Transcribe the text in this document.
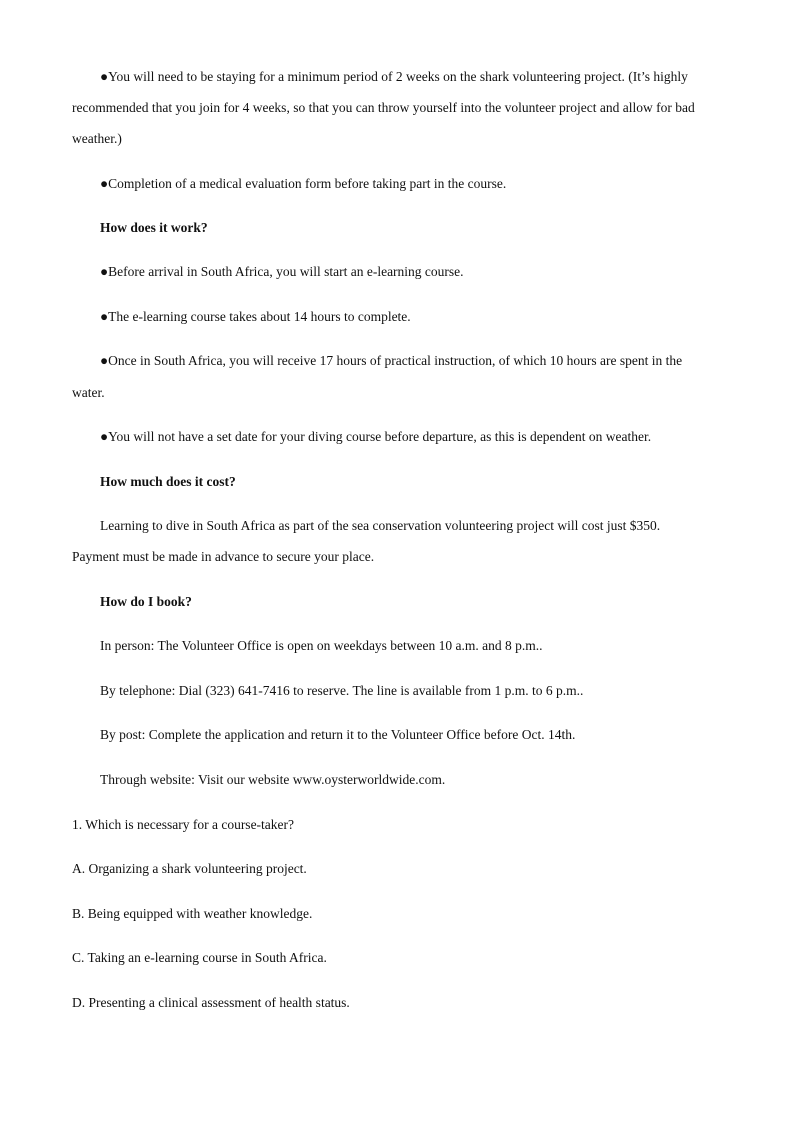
●You will need to be staying for a minimum period of 2 weeks on the shark volunteering project. (It’s highly
recommended that you join for 4 weeks, so that you can throw yourself into the volunteer project and allow for bad
weather.)
●Completion of a medical evaluation form before taking part in the course.
How does it work?
●Before arrival in South Africa, you will start an e-learning course.
●The e-learning course takes about 14 hours to complete.
●Once in South Africa, you will receive 17 hours of practical instruction, of which 10 hours are spent in the
water.
●You will not have a set date for your diving course before departure, as this is dependent on weather.
How much does it cost?
Learning to dive in South Africa as part of the sea conservation volunteering project will cost just $350.
Payment must be made in advance to secure your place.
How do I book?
In person: The Volunteer Office is open on weekdays between 10 a.m. and 8 p.m..
By telephone: Dial (323) 641-7416 to reserve. The line is available from 1 p.m. to 6 p.m..
By post: Complete the application and return it to the Volunteer Office before Oct. 14th.
Through website: Visit our website www.oysterworldwide.com.
1. Which is necessary for a course-taker?
A. Organizing a shark volunteering project.
B. Being equipped with weather knowledge.
C. Taking an e-learning course in South Africa.
D. Presenting a clinical assessment of health status.
